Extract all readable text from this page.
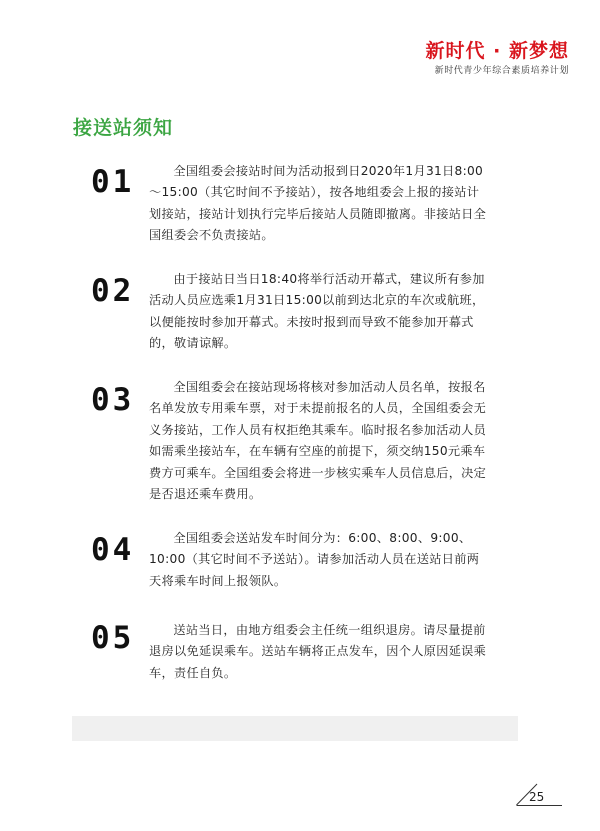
新时代 · 新梦想
新时代青少年综合素质培养计划
接送站须知
01	全国组委会接站时间为活动报到日2020年1月31日8:00～15:00（其它时间不予接站），按各地组委会上报的接站计划接站，接站计划执行完毕后接站人员随即撤离。非接站日全国组委会不负责接站。
02	由于接站日当日18:40将举行活动开幕式，建议所有参加活动人员应选乘1月31日15:00以前到达北京的车次或航班，以便能按时参加开幕式。未按时报到而导致不能参加开幕式的，敬请谅解。
03	全国组委会在接站现场将核对参加活动人员名单，按报名名单发放专用乘车票，对于未提前报名的人员，全国组委会无义务接站，工作人员有权拒绝其乘车。临时报名参加活动人员如需乘坐接站车，在车辆有空座的前提下，须交纳150元乘车费方可乘车。全国组委会将进一步核实乘车人员信息后，决定是否退还乘车费用。
04	全国组委会送站发车时间分为：6:00、8:00、9:00、10:00（其它时间不予送站）。请参加活动人员在送站日前两天将乘车时间上报领队。
05	送站当日，由地方组委会主任统一组织退房。请尽量提前退房以免延误乘车。送站车辆将正点发车，因个人原因延误乘车，责任自负。
25
